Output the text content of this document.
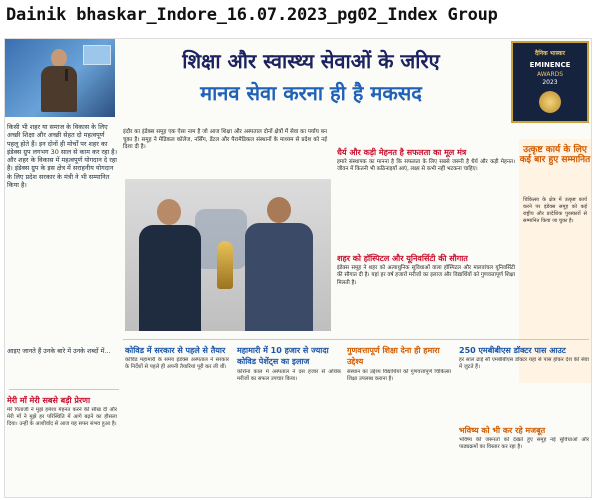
Dainik bhaskar_Indore_16.07.2023_pg02_Index Group
किसी भी शहर या समाज के विकास के लिए अच्छी शिक्षा और अच्छी सेहत दो महत्वपूर्ण पहलू होते हैं। इन दोनों ही मोर्चों पर शहर का इंडेक्स ग्रुप लगभग 30 साल से काम कर रहा है। और शहर के विकास में महत्वपूर्ण योगदान दे रहा है। इंडेक्स ग्रुप के इस क्षेत्र में सराहनीय योगदान के लिए प्रदेश सरकार के मंत्री ने भी सम्मानित किया है।
आइए जानते हैं उनके बारे में उनके शब्दों में...
शिक्षा और स्वास्थ्य सेवाओं के जरिए
मानव सेवा करना ही है मकसद
दैनिक भास्कर
EMINENCE
AWARDS
2023
इंदौर का इंडेक्स समूह एक ऐसा नाम है जो आज शिक्षा और अस्पताल दोनों क्षेत्रों में सेवा का पर्याय बन चुका है। समूह ने मेडिकल कॉलेज, नर्सिंग, डेंटल और पैरामेडिकल संस्थानों के माध्यम से प्रदेश को नई दिशा दी है।
धैर्य और कड़ी मेहनत है सफलता का मूल मंत्र
हमारे संस्थापक का मानना है कि सफलता के लिए सबसे जरूरी है धैर्य और कड़ी मेहनत। जीवन में कितनी भी कठिनाइयाँ आएं, लक्ष्य से कभी नहीं भटकना चाहिए।
शहर को हॉस्पिटल और यूनिवर्सिटी की सौगात
इंडेक्स समूह ने शहर को अत्याधुनिक सुविधाओं वाला हॉस्पिटल और मालवांचल यूनिवर्सिटी की सौगात दी है। यहां हर वर्ष हजारों मरीजों का इलाज और विद्यार्थियों को गुणवत्तापूर्ण शिक्षा मिलती है।
उत्कृष्ट कार्य के लिए कई बार हुए सम्मानित
चिकित्सा के क्षेत्र में उत्कृष्ट कार्य करने पर इंडेक्स समूह को कई राष्ट्रीय और प्रादेशिक पुरस्कारों से सम्मानित किया जा चुका है।
मेरी माँ मेरी सबसे बड़ी प्रेरणा
मेरे पिताजी ने मुझे हमेशा मेहनत करने की सीख दी और मेरी माँ ने मुझे हर परिस्थिति में आगे बढ़ने का हौसला दिया। उन्हीं के आशीर्वाद से आज यह सफर संभव हुआ है।
कोविड में सरकार से पहले से तैयार
कोविड महामारी के समय इंडेक्स अस्पताल ने सरकार के निर्देशों से पहले ही अपनी तैयारियां पूरी कर ली थीं।
महामारी में 10 हजार से ज्यादा कोविड पेशेंट्स का इलाज
कोरोना काल में अस्पताल ने दस हजार से अधिक मरीजों का सफल उपचार किया।
गुणवत्तापूर्ण शिक्षा देना ही हमारा उद्देश्य
संस्थान का उद्देश्य विद्यार्थियों को गुणवत्तापूर्ण चिकित्सा शिक्षा उपलब्ध कराना है।
250 एमबीबीएस डॉक्टर पास आउट
हर साल ढाई सौ एमबीबीएस डॉक्टर यहां से पास होकर देश की सेवा में जुटते हैं।
भविष्य को भी कर रहे मजबूत
भविष्य की जरूरतों को देखते हुए समूह नई सुविधाओं और पाठ्यक्रमों का विस्तार कर रहा है।
